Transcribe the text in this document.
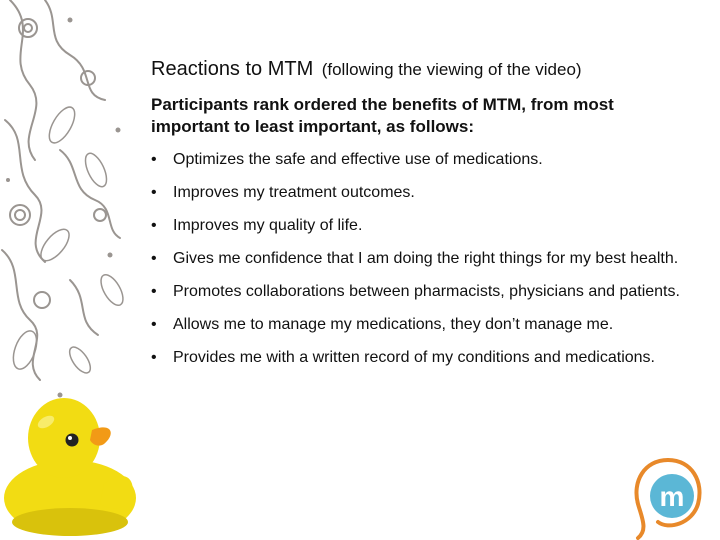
m

Reactions to MTM (following the viewing of the video)

Participants rank ordered the benefits of MTM, from most important to least important, as follows:

• Optimizes the safe and effective use of medications.
• Improves my treatment outcomes.
• Improves my quality of life.
• Gives me confidence that I am doing the right things for my best health.
• Promotes collaborations between pharmacists, physicians and patients.
• Allows me to manage my medications, they don’t manage me.
• Provides me with a written record of my conditions and medications.
